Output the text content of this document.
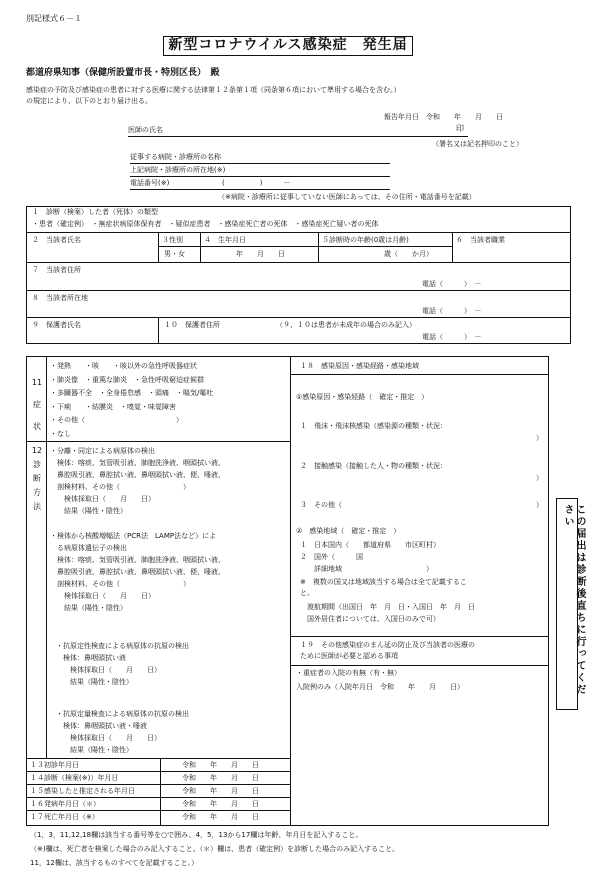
別記様式６－１
新型コロナウイルス感染症　発生届
都道府県知事（保健所設置市長・特別区長）　殿
感染症の予防及び感染症の患者に対する医療に関する法律第１２条第１項（同条第６項において準用する場合を含む。）
の規定により、以下のとおり届け出る。
報告年月日　令和　　年　　月　　日
医師の氏名	印
（署名又は記名押印のこと）
従事する病院・診療所の名称
上記病院・診療所の所在地(※)
電話番号(※)	(　　　　　)　　　－
（※病院・診療所に従事していない医師にあっては、その住所・電話番号を記載）
１　診断（検案）した者（死体）の類型
・患者（確定例）　・無症状病原体保有者　・疑似症患者　・感染症死亡者の死体　・感染症死亡疑い者の死体
２　当該者氏名	３性別	４　生年月日	５診断時の年齢(0歳は月齢)	６　当該者職業
男・女	年　　月　　日	歳（　　か月）
７　当該者住所
電話（　　　）　－
８　当該者所在地
電話（　　　）　－
９　保護者氏名	１０　保護者住所	（９、１０は患者が未成年の場合のみ記入）
電話（　　　）　－
11
症
状
・発熱　　・咳　　・咳以外の急性呼吸器症状
・肺炎像　・重篤な肺炎　・急性呼吸窮迫症候群
・多臓器不全　・全身倦怠感　・頭痛　・嘔気/嘔吐
・下痢　　・結膜炎　・嗅覚・味覚障害
・その他（　　　　　　　　　　　　　）
・なし
12
診
断
方
法
・分離・同定による病原体の検出
　検体：喀痰、気管吸引液、肺胞洗浄液、咽頭拭い液、
　鼻腔吸引液、鼻腔拭い液、鼻咽頭拭い液、便、唾液、
　剖検材料、その他（　　　　　　　　　）
　　検体採取日（　　月　　日）
　　結果（陽性・陰性）
・検体から核酸増幅法（PCR法　LAMP法など）によ
　る病原体遺伝子の検出
　検体：喀痰、気管吸引液、肺胞洗浄液、咽頭拭い液、
　鼻腔吸引液、鼻腔拭い液、鼻咽頭拭い液、便、唾液、
　剖検材料、その他（　　　　　　　　　）
　　検体採取日（　　月　　日）
　　結果（陽性・陰性）
・抗原定性検査による病原体の抗原の検出
　検体：鼻咽頭拭い液
　　検体採取日（　　月　　日）
　　結果（陽性・陰性）
・抗原定量検査による病原体の抗原の検出
　検体：鼻咽頭拭い液・唾液
　　検体採取日（　　月　　日）
　　結果（陽性・陰性）
１８　感染原因・感染経路・感染地域
①感染原因・感染経路（　確定・推定　）
１　飛沫・飛沫核感染（感染源の種類・状況：
）
２　接触感染（接触した人・物の種類・状況：
）
３　その他（	）
②　感染地域（　確定・推定　）
１　日本国内（　　都道府県　　市区町村）
２　国外（　　　国
　　詳細地域　　　　　　　　　　　　）
※　複数の国又は地域該当する場合は全て記載するこ
と。
　渡航期間（出国日　年　月　日・入国日　年　月　日
　国外居住者については、入国日のみで可）
１９　その他感染症のまん延の防止及び当該者の医療の
ために医師が必要と認める事項
・重症者の入院の有無（有・無）
入院例のみ（入院年月日　令和　　年　　月　　日）
１３初診年月日	令和　　年　　月　　日
１４診断（検案(※)）年月日	令和　　年　　月　　日
１５感染したと推定される年月日	令和　　年　　月　　日
１６発病年月日（＊）	令和　　年　　月　　日
１７死亡年月日（※）	令和　　年　　月　　日
この届出は診断後直ちに行ってください
（1，3，11,12,18欄は該当する番号等を○で囲み、4，5，13から17欄は年齢、年月日を記入すること。
（※)欄は、死亡者を検案した場合のみ記入すること。（＊）欄は、患者（確定例）を診断した場合のみ記入すること。
11，12欄は、該当するものすべてを記載すること。）
